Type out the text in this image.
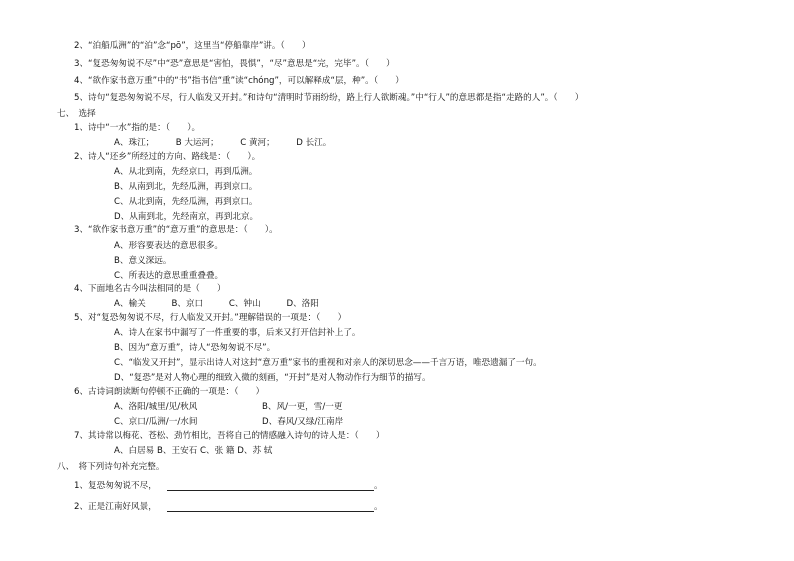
2、“泊船瓜洲”的“泊”念“pō”，这里当“停船靠岸”讲。（　　）
3、“复恐匆匆说不尽”中“恐”意思是“害怕，畏惧”，“尽”意思是“完，完毕”。（　　）
4、“欲作家书意万重”中的“书”指书信“重”读“chóng”，可以解释成“层，种”。（　　）
5、诗句“复恐匆匆说不尽，行人临发又开封。”和诗句“清明时节雨纷纷，路上行人欲断魂。”中“行人”的意思都是指“走路的人”。（　　）
七、　选择
1、诗中“一水”指的是：（　　）。
A、珠江；　　　B 大运河；　　　C 黄河；　　　D 长江。
2、诗人“还乡”所经过的方向、路线是：（　　）。
A、从北到南，先经京口，再到瓜洲。
B、从南到北，先经瓜洲，再到京口。
C、从北到南，先经瓜洲，再到京口。
D、从南到北，先经南京，再到北京。
3、“欲作家书意万重”的“意万重”的意思是：（　　）。
A、形容要表达的意思很多。
B、意义深远。
C、所表达的意思重重叠叠。
4、下面地名古今叫法相同的是（　　）
A、榆关　　　B、京口　　　C、钟山　　　D、洛阳
5、对“复恐匆匆说不尽，行人临发又开封。”理解错误的一项是：（　　）
A、诗人在家书中漏写了一件重要的事，后来又打开信封补上了。
B、因为“意万重”，诗人“恐匆匆说不尽”。
C、“临发又开封”，显示出诗人对这封“意万重”家书的重视和对亲人的深切思念——千言万语，唯恐遗漏了一句。
D、“复恐”是对人物心理的细致入微的刻画，“开封”是对人物动作行为细节的描写。
6、古诗词朗读断句停顿不正确的一项是：（　　）
A、洛阳/城里/见/秋风	B、风/一更，雪/一更
C、京口/瓜洲/一/水间	D、春风/又绿/江南岸
7、其诗常以梅花、苍松、劲竹相比，吾将自己的情感融入诗句的诗人是：（　　）
A、白居易 B、王安石 C、张 籍 D、苏 轼
八、　将下列诗句补充完整。
1、复恐匆匆说不尽，	。
2、正是江南好风景，	。
